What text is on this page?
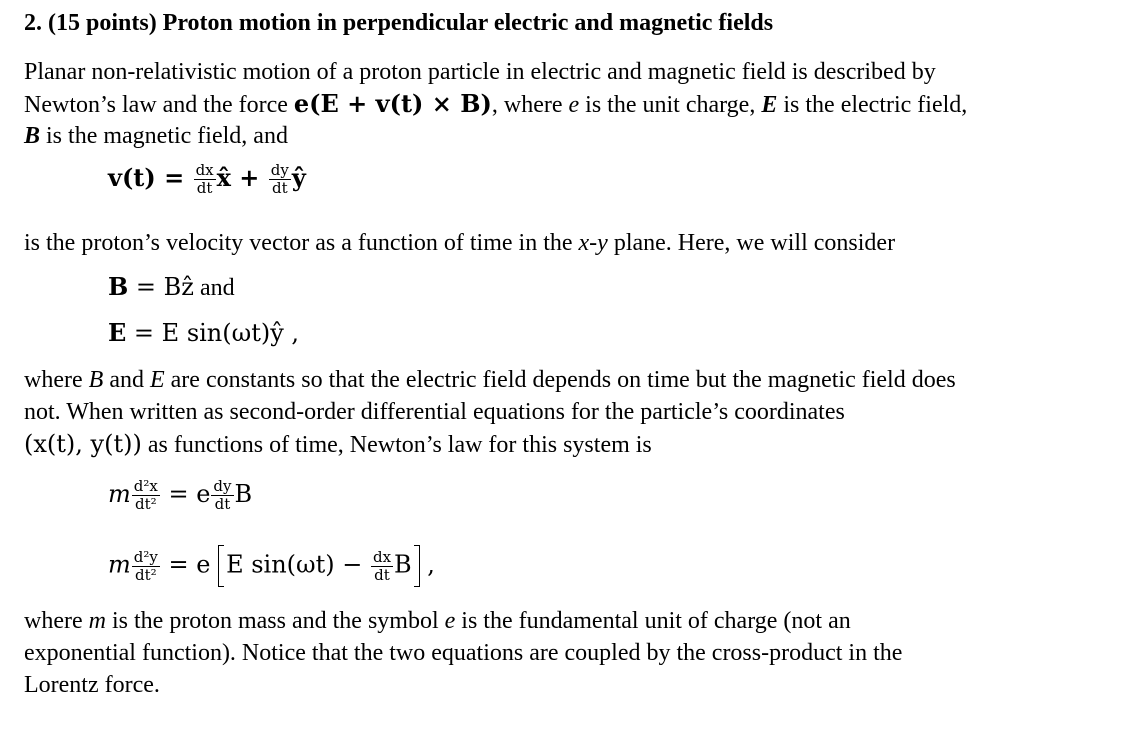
2. (15 points) Proton motion in perpendicular electric and magnetic fields
Planar non-relativistic motion of a proton particle in electric and magnetic field is described by
Newton’s law and the force e(E + v(t) × B), where e is the unit charge, E is the electric field,
B is the magnetic field, and
$v(t) = \frac{dx}{dt}$ x̂ + $\frac{dy}{dt}$ ŷ
is the proton’s velocity vector as a function of time in the x-y plane. Here, we will consider
B = Bẑ and
E = E sin(ωt)ŷ ,
where B and E are constants so that the electric field depends on time but the magnetic field does
not. When written as second-order differential equations for the particle’s coordinates
(x(t), y(t)) as functions of time, Newton’s law for this system is
m $\frac{\text{d²x}}{\text{dt²}} = e \frac{dy}{dt}$ B
m $\frac{\text{d²y}}{\text{dt²}} = e$ E $\sin(\omega t) - \frac{dx}{dt}$ B ,
where m is the proton mass and the symbol e is the fundamental unit of charge (not an
exponential function). Notice that the two equations are coupled by the cross-product in the
Lorentz force.
